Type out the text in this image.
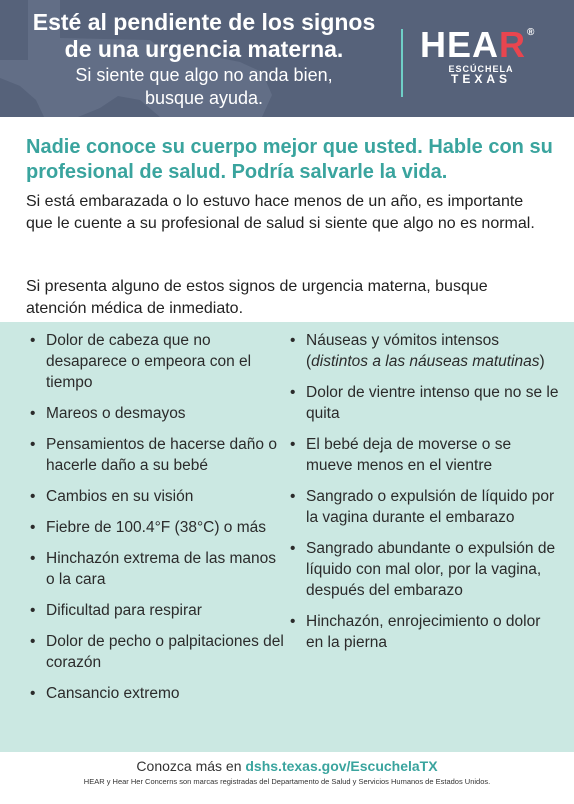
Esté al pendiente de los signos
de una urgencia materna.
Si siente que algo no anda bien,
busque ayuda.
HEAR®
ESCÚCHELA
TEXAS
Nadie conoce su cuerpo mejor que usted. Hable con su profesional de salud. Podría salvarle la vida.
Si está embarazada o lo estuvo hace menos de un año, es importante que le cuente a su profesional de salud si siente que algo no es normal.
Si presenta alguno de estos signos de urgencia materna, busque atención médica de inmediato.
• Dolor de cabeza que no desaparece o empeora con el tiempo
• Mareos o desmayos
• Pensamientos de hacerse daño o hacerle daño a su bebé
• Cambios en su visión
• Fiebre de 100.4°F (38°C) o más
• Hinchazón extrema de las manos o la cara
• Dificultad para respirar
• Dolor de pecho o palpitaciones del corazón
• Cansancio extremo
• Náuseas y vómitos intensos (distintos a las náuseas matutinas)
• Dolor de vientre intenso que no se le quita
• El bebé deja de moverse o se mueve menos en el vientre
• Sangrado o expulsión de líquido por la vagina durante el embarazo
• Sangrado abundante o expulsión de líquido con mal olor, por la vagina, después del embarazo
• Hinchazón, enrojecimiento o dolor en la pierna
Conozca más en dshs.texas.gov/EscuchelaTX
HEAR y Hear Her Concerns son marcas registradas del Departamento de Salud y Servicios Humanos de Estados Unidos.
